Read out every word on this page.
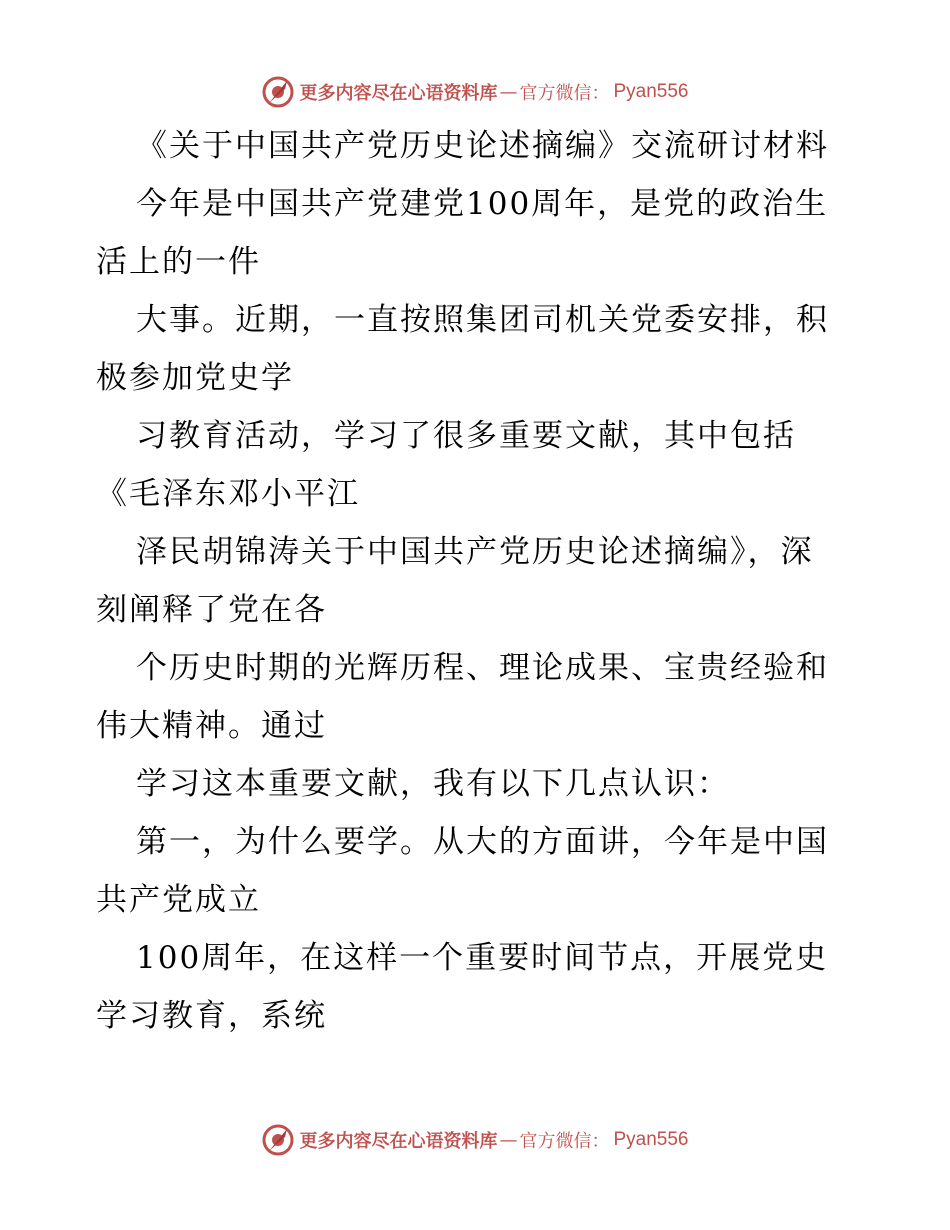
更多内容尽在心语资料库 — 官方微信： Pyan556
《关于中国共产党历史论述摘编》交流研讨材料
今年是中国共产党建党100周年，是党的政治生
活上的一件
大事。近期，一直按照集团司机关党委安排，积
极参加党史学
习教育活动，学习了很多重要文献，其中包括
《毛泽东邓小平江
泽民胡锦涛关于中国共产党历史论述摘编》，深
刻阐释了党在各
个历史时期的光辉历程、理论成果、宝贵经验和
伟大精神。通过
学习这本重要文献，我有以下几点认识：
第一，为什么要学。从大的方面讲，今年是中国
共产党成立
100周年，在这样一个重要时间节点，开展党史
学习教育，系统
更多内容尽在心语资料库 — 官方微信： Pyan556
